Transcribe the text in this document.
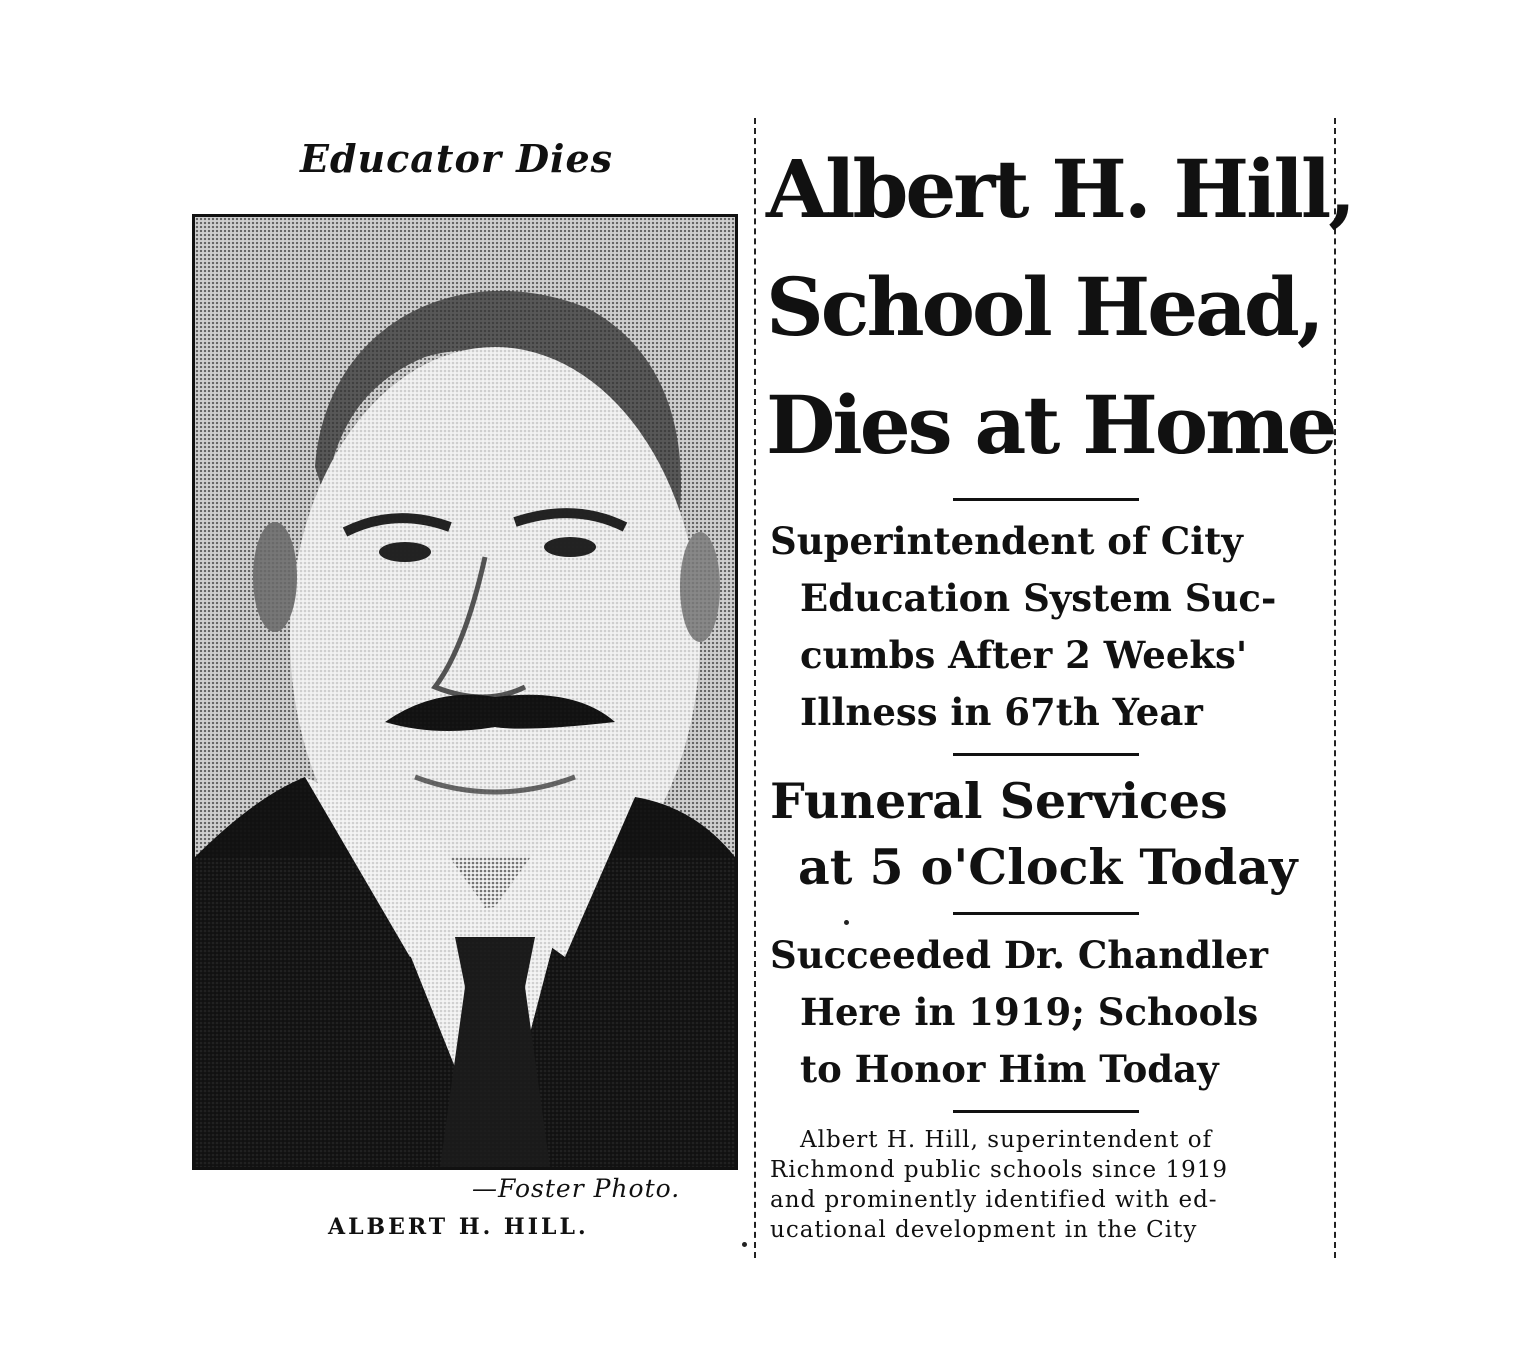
Educator Dies
—Foster Photo.
ALBERT H. HILL.
Albert H. Hill,
School Head,
Dies at Home
Superintendent of City
Education System Suc-
cumbs After 2 Weeks'
Illness in 67th Year
Funeral Services
at 5 o'Clock Today
Succeeded Dr. Chandler
Here in 1919; Schools
to Honor Him Today
Albert H. Hill, superintendent of
Richmond public schools since 1919
and prominently identified with ed-
ucational development in the City
